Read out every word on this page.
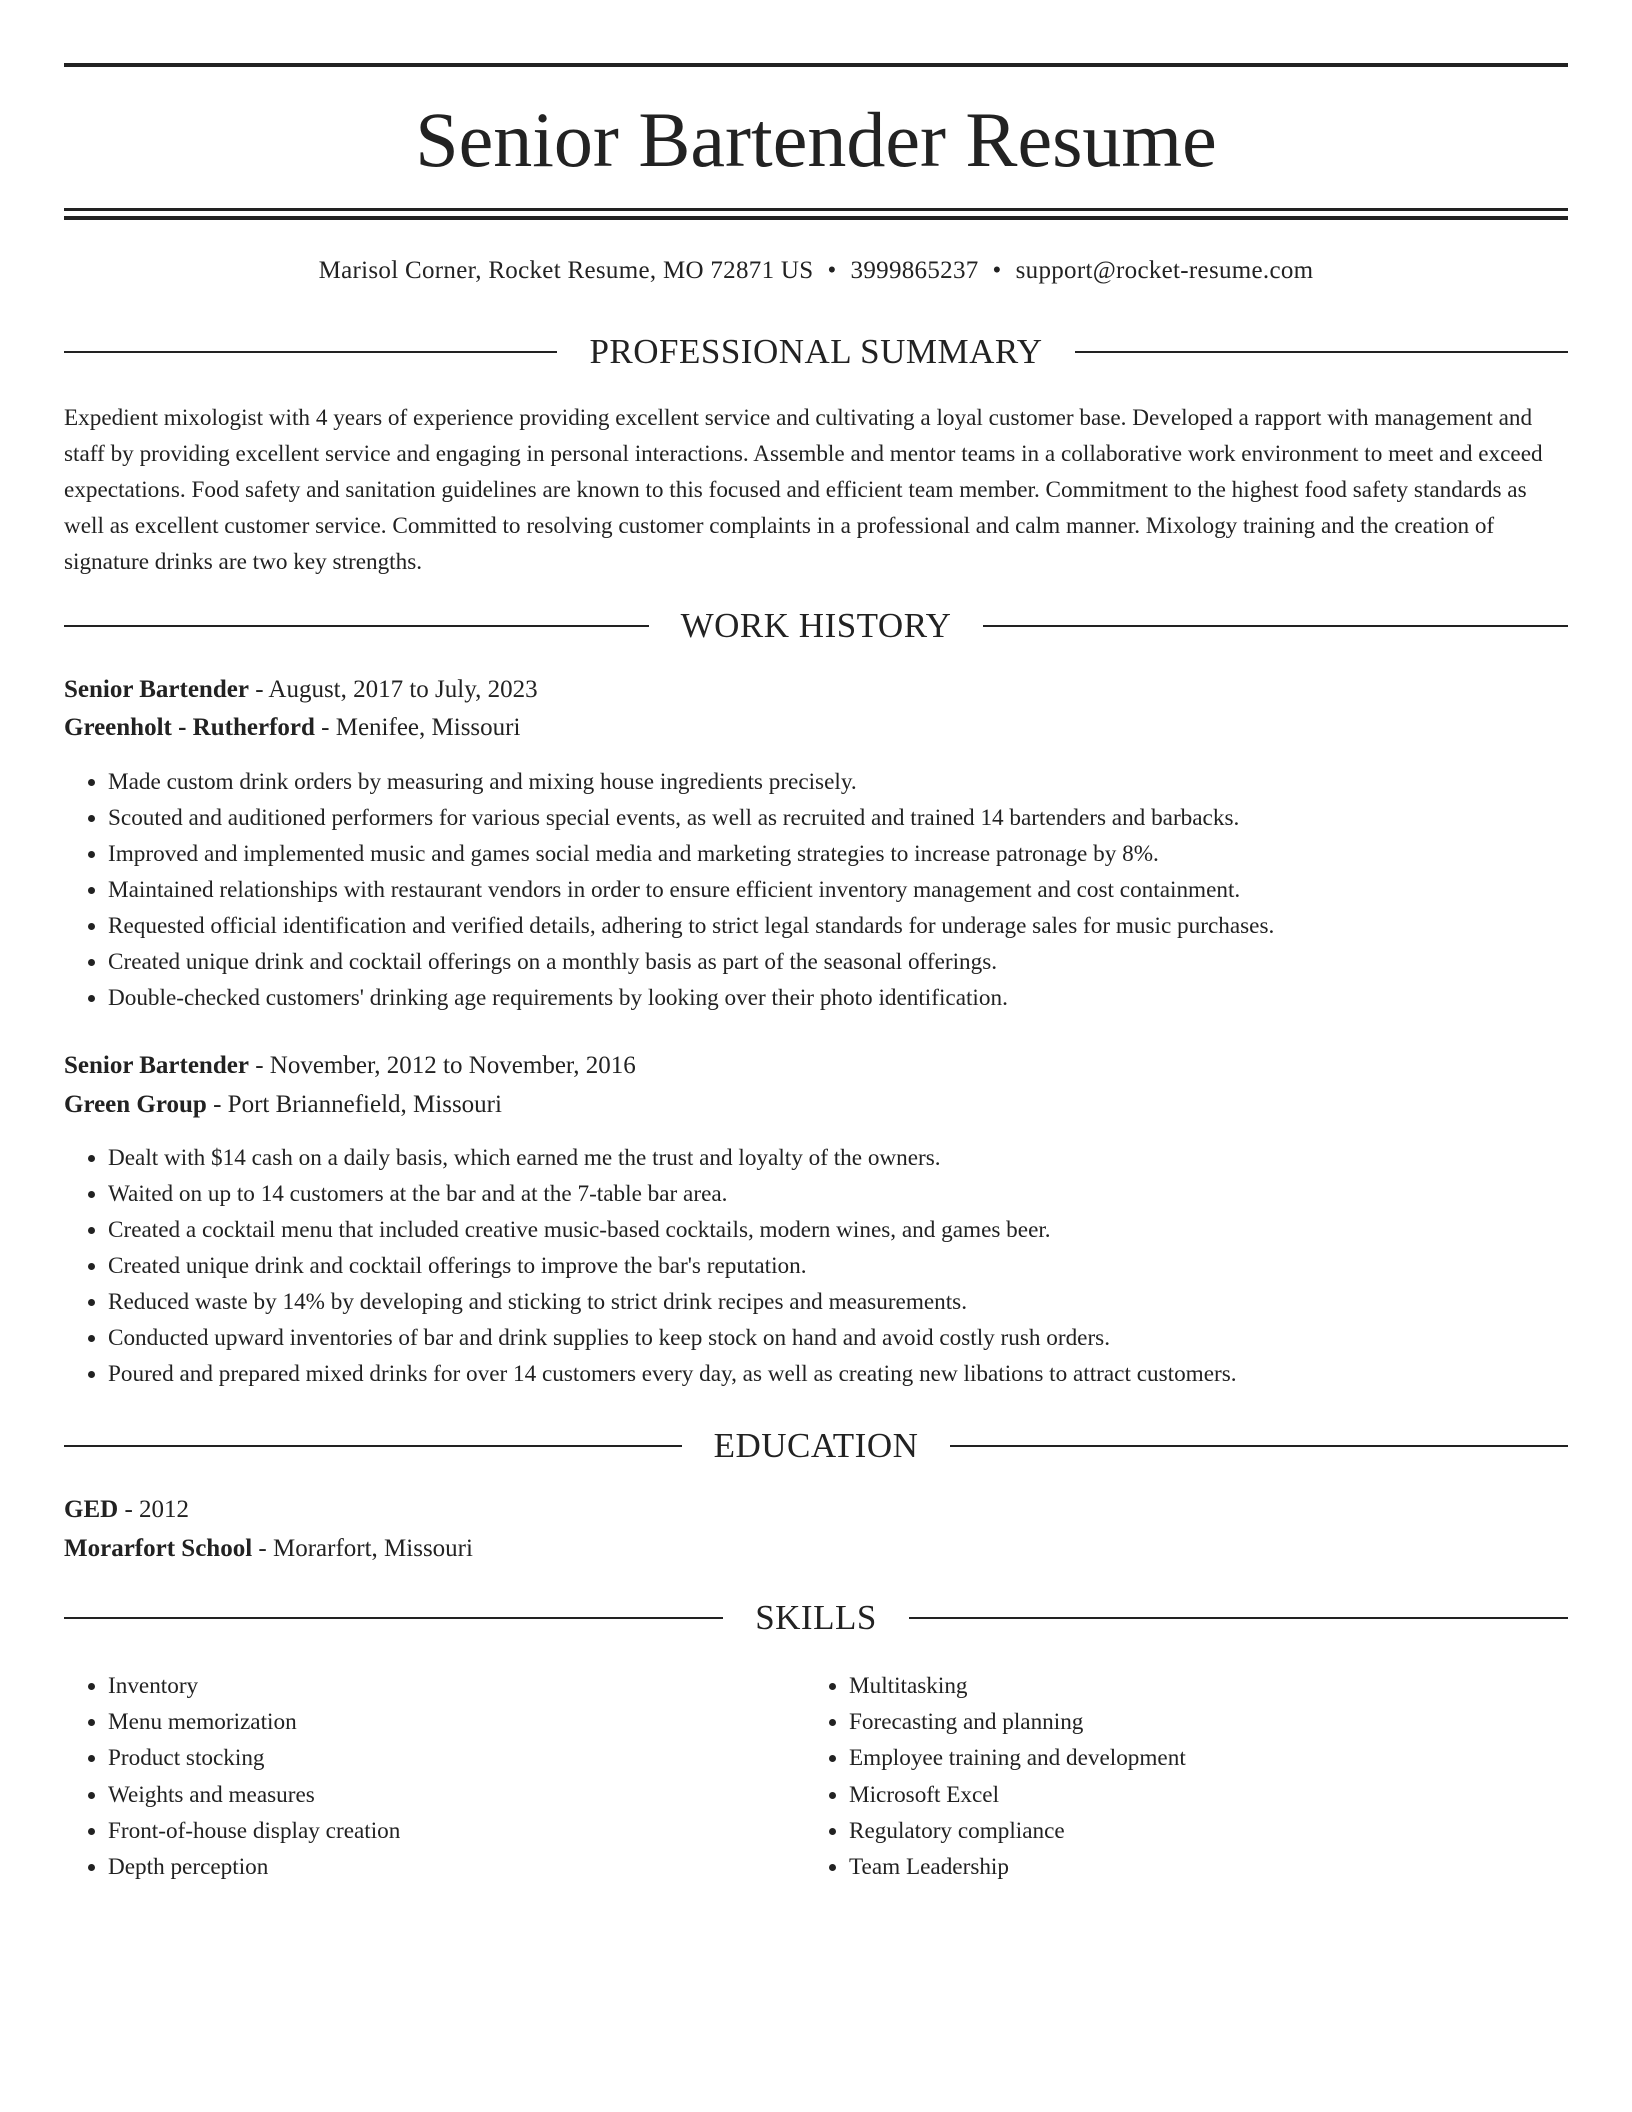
Senior Bartender Resume
Marisol Corner, Rocket Resume, MO 72871 US • 3999865237 • support@rocket-resume.com
PROFESSIONAL SUMMARY

Expedient mixologist with 4 years of experience providing excellent service and cultivating a loyal customer base. Developed a rapport with management and staff by providing excellent service and engaging in personal interactions. Assemble and mentor teams in a collaborative work environment to meet and exceed expectations. Food safety and sanitation guidelines are known to this focused and efficient team member. Commitment to the highest food safety standards as well as excellent customer service. Committed to resolving customer complaints in a professional and calm manner. Mixology training and the creation of signature drinks are two key strengths.

WORK HISTORY
Senior Bartender - August, 2017 to July, 2023
Greenholt - Rutherford - Menifee, Missouri
• Made custom drink orders by measuring and mixing house ingredients precisely.
• Scouted and auditioned performers for various special events, as well as recruited and trained 14 bartenders and barbacks.
• Improved and implemented music and games social media and marketing strategies to increase patronage by 8%.
• Maintained relationships with restaurant vendors in order to ensure efficient inventory management and cost containment.
• Requested official identification and verified details, adhering to strict legal standards for underage sales for music purchases.
• Created unique drink and cocktail offerings on a monthly basis as part of the seasonal offerings.
• Double-checked customers' drinking age requirements by looking over their photo identification.
Senior Bartender - November, 2012 to November, 2016
Green Group - Port Briannefield, Missouri
• Dealt with $14 cash on a daily basis, which earned me the trust and loyalty of the owners.
• Waited on up to 14 customers at the bar and at the 7-table bar area.
• Created a cocktail menu that included creative music-based cocktails, modern wines, and games beer.
• Created unique drink and cocktail offerings to improve the bar's reputation.
• Reduced waste by 14% by developing and sticking to strict drink recipes and measurements.
• Conducted upward inventories of bar and drink supplies to keep stock on hand and avoid costly rush orders.
• Poured and prepared mixed drinks for over 14 customers every day, as well as creating new libations to attract customers.
EDUCATION
GED - 2012
Morarfort School - Morarfort, Missouri
SKILLS
• Inventory
• Menu memorization
• Product stocking
• Weights and measures
• Front-of-house display creation
• Depth perception
• Multitasking
• Forecasting and planning
• Employee training and development
• Microsoft Excel
• Regulatory compliance
• Team Leadership
